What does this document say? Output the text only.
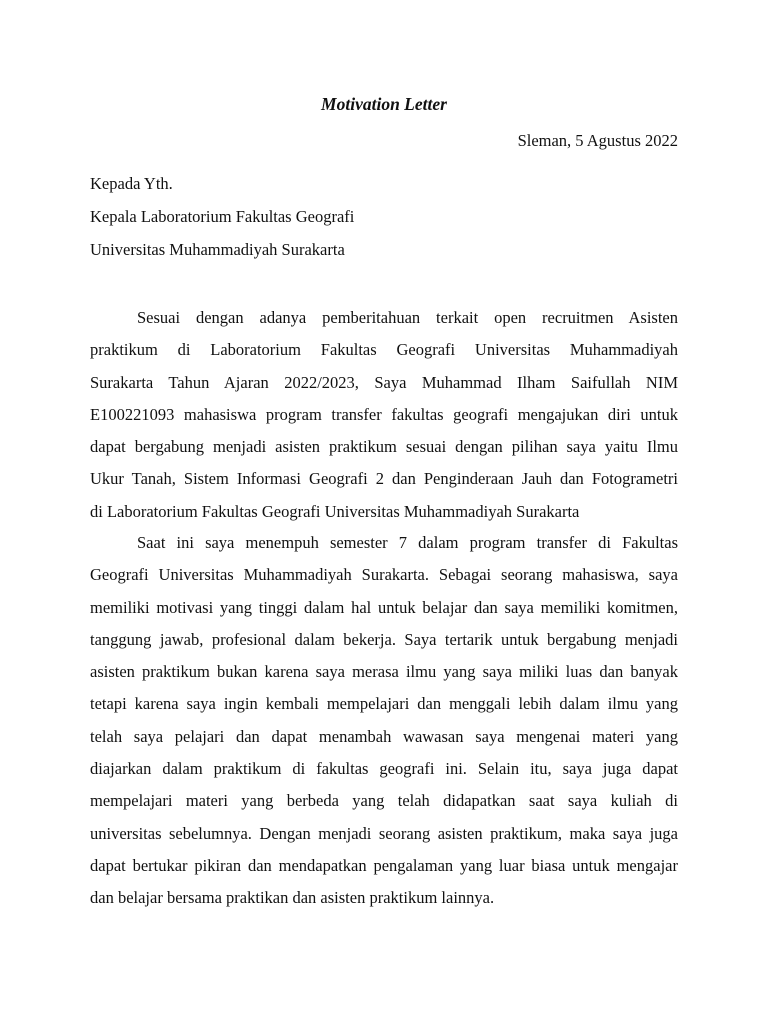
Motivation Letter

Sleman, 5 Agustus 2022

Kepada Yth.
Kepala Laboratorium Fakultas Geografi
Universitas Muhammadiyah Surakarta

Sesuai dengan adanya pemberitahuan terkait open recruitmen Asisten
praktikum di Laboratorium Fakultas Geografi Universitas Muhammadiyah
Surakarta Tahun Ajaran 2022/2023, Saya Muhammad Ilham Saifullah NIM
E100221093 mahasiswa program transfer fakultas geografi mengajukan diri untuk
dapat bergabung menjadi asisten praktikum sesuai dengan pilihan saya yaitu Ilmu
Ukur Tanah, Sistem Informasi Geografi 2 dan Penginderaan Jauh dan Fotogrametri
di Laboratorium Fakultas Geografi Universitas Muhammadiyah Surakarta

Saat ini saya menempuh semester 7 dalam program transfer di Fakultas
Geografi Universitas Muhammadiyah Surakarta. Sebagai seorang mahasiswa, saya
memiliki motivasi yang tinggi dalam hal untuk belajar dan saya memiliki komitmen,
tanggung jawab, profesional dalam bekerja. Saya tertarik untuk bergabung menjadi
asisten praktikum bukan karena saya merasa ilmu yang saya miliki luas dan banyak
tetapi karena saya ingin kembali mempelajari dan menggali lebih dalam ilmu yang
telah saya pelajari dan dapat menambah wawasan saya mengenai materi yang
diajarkan dalam praktikum di fakultas geografi ini. Selain itu, saya juga dapat
mempelajari materi yang berbeda yang telah didapatkan saat saya kuliah di
universitas sebelumnya. Dengan menjadi seorang asisten praktikum, maka saya juga
dapat bertukar pikiran dan mendapatkan pengalaman yang luar biasa untuk mengajar
dan belajar bersama praktikan dan asisten praktikum lainnya.
